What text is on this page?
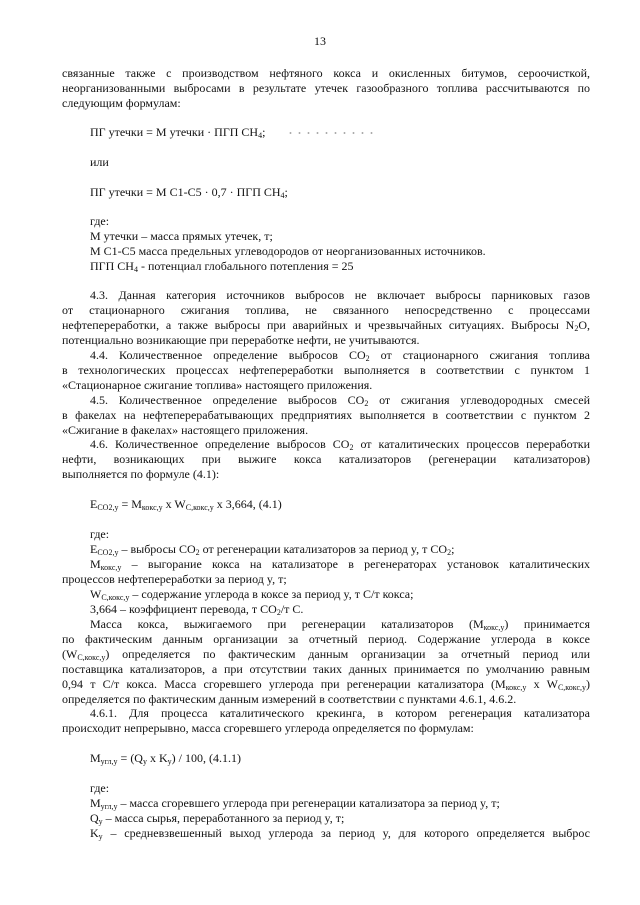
13
связанные также с производством нефтяного кокса и окисленных битумов, сероочисткой,
неорганизованными выбросами в результате утечек газообразного топлива рассчитываются по
следующим формулам:
ПГ утечки = М утечки · ПГП $CH_4$;
или
ПГ утечки = M C1-C5 · 0,7 · ПГП $CH_4$;
где:
М утечки – масса прямых утечек, т;
М C1-C5 масса предельных углеводородов от неорганизованных источников.
ПГП $CH_4$ - потенциал глобального потепления = 25
4.3. Данная категория источников выбросов не включает выбросы парниковых газов
от стационарного сжигания топлива, не связанного непосредственно с процессами
нефтепереработки, а также выбросы при аварийных и чрезвычайных ситуациях. Выбросы $N_2O$,
потенциально возникающие при переработке нефти, не учитываются.
4.4. Количественное определение выбросов $CO_2$ от стационарного сжигания топлива
в технологических процессах нефтепереработки выполняется в соответствии с пунктом 1
«Стационарное сжигание топлива» настоящего приложения.
4.5. Количественное определение выбросов $CO_2$ от сжигания углеводородных смесей
в факелах на нефтеперерабатывающих предприятиях выполняется в соответствии с пунктом 2
«Сжигание в факелах» настоящего приложения.
4.6. Количественное определение выбросов $CO_2$ от каталитических процессов переработки
нефти, возникающих при выжиге кокса катализаторов (регенерации катализаторов)
выполняется по формуле (4.1):
$E_{CO2,y} = M_{кокс,y}$ x $W_{C,кокс,y}$ x 3,664, (4.1)
где:
$E_{CO2,y}$ – выбросы $CO_2$ от регенерации катализаторов за период y, т $CO_2$;
$M_{кокс,y}$ – выгорание кокса на катализаторе в регенераторах установок каталитических
процессов нефтепереработки за период y, т;
$W_{C,кокс,y}$ – содержание углерода в коксе за период y, т С/т кокса;
3,664 – коэффициент перевода, т $CO_2/т$ С.
Масса кокса, выжигаемого при регенерации катализаторов $(M_{кокс,y})$ принимается
по фактическим данным организации за отчетный период. Содержание углерода в коксе
$(W_{C,кокс,y})$ определяется по фактическим данным организации за отчетный период или
поставщика катализаторов, а при отсутствии таких данных принимается по умолчанию равным
0,94 т С/т кокса. Масса сгоревшего углерода при регенерации катализатора ($M_{кокс,y}$ x $W_{C,кокс,y}$)
определяется по фактическим данным измерений в соответствии с пунктами 4.6.1, 4.6.2.
4.6.1. Для процесса каталитического крекинга, в котором регенерация катализатора
происходит непрерывно, масса сгоревшего углерода определяется по формулам:
$M_{угл,y} = (Q_y$ x $K_y) / 100$, (4.1.1)
где:
$M_{угл,y}$ – масса сгоревшего углерода при регенерации катализатора за период y, т;
$Q_y$ – масса сырья, переработанного за период y, т;
$K_y$ – средневзвешенный выход углерода за период y, для которого определяется выброс
